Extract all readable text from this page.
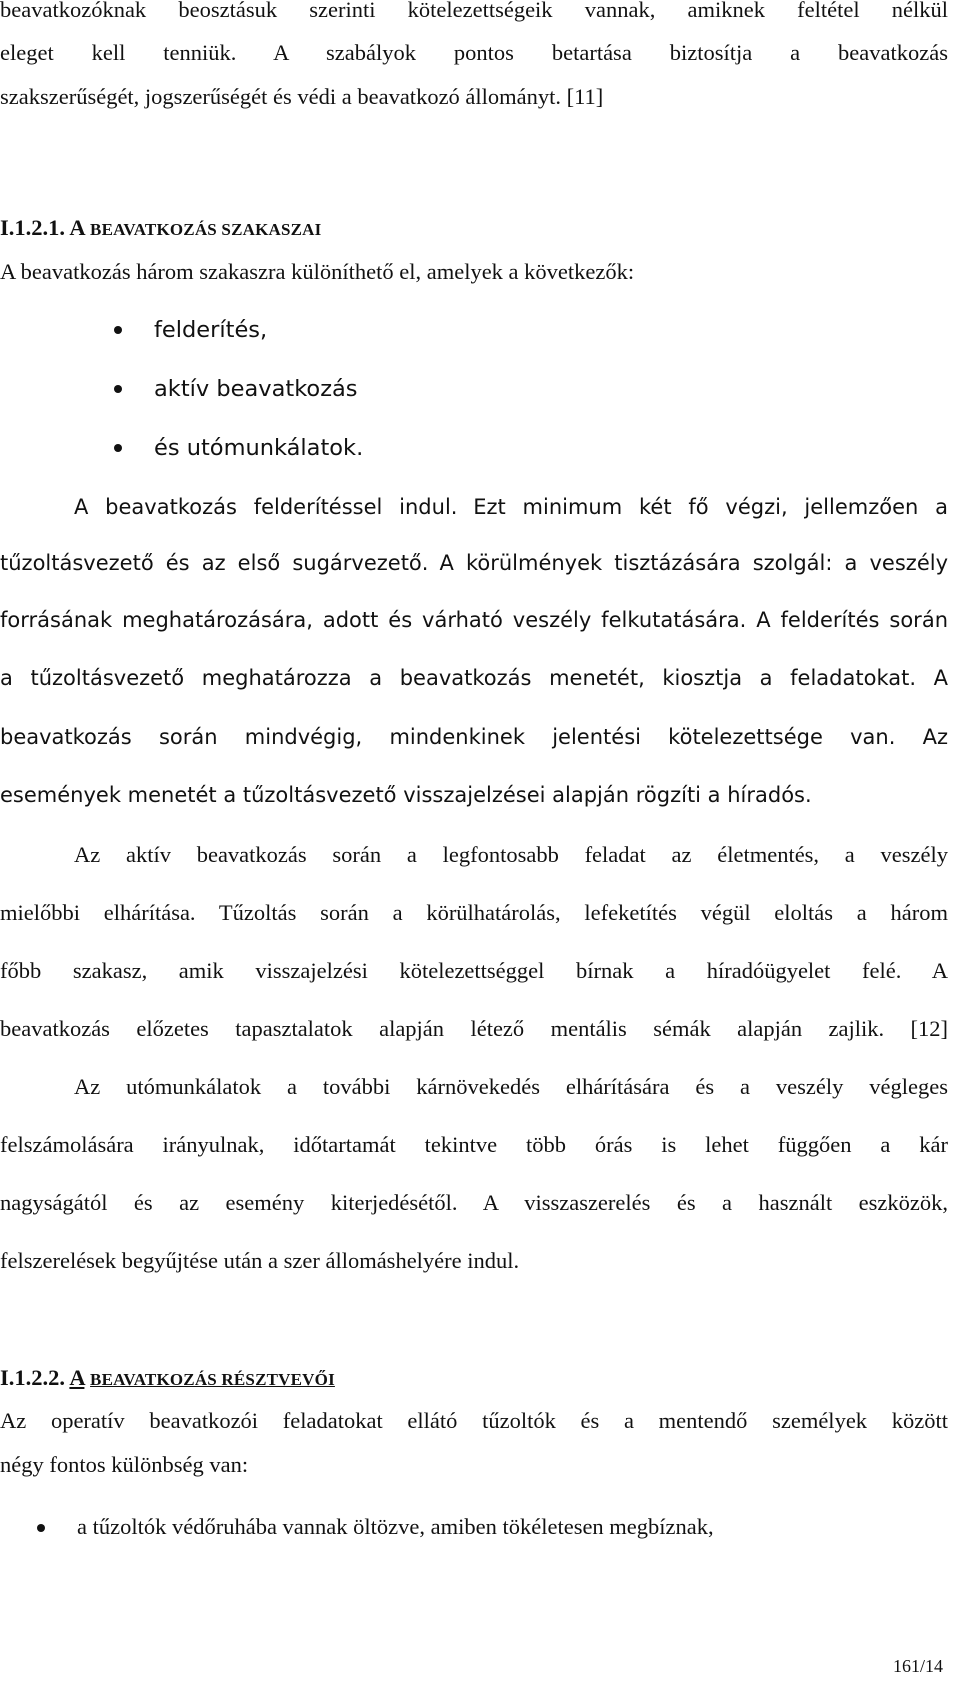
beavatkozóknak beosztásuk szerinti kötelezettségeik vannak, amiknek feltétel nélkül

eleget kell tenniük. A szabályok pontos betartása biztosítja a beavatkozás

szakszerűségét, jogszerűségét és védi a beavatkozó állományt. [11]

I.1.2.1. A BEAVATKOZÁS SZAKASZAI

A beavatkozás három szakaszra különíthető el, amelyek a következők:

felderítés,

aktív beavatkozás

és utómunkálatok.

A beavatkozás felderítéssel indul. Ezt minimum két fő végzi, jellemzően a

tűzoltásvezető és az első sugárvezető. A körülmények tisztázására szolgál: a veszély

forrásának meghatározására, adott és várható veszély felkutatására. A felderítés során

a tűzoltásvezető meghatározza a beavatkozás menetét, kiosztja a feladatokat. A

beavatkozás során mindvégig, mindenkinek jelentési kötelezettsége van. Az

események menetét a tűzoltásvezető visszajelzései alapján rögzíti a híradós.

Az aktív beavatkozás során a legfontosabb feladat az életmentés, a veszély

mielőbbi elhárítása. Tűzoltás során a körülhatárolás, lefeketítés végül eloltás a három

főbb szakasz, amik visszajelzési kötelezettséggel bírnak a híradóügyelet felé. A

beavatkozás előzetes tapasztalatok alapján létező mentális sémák alapján zajlik. [12]

Az utómunkálatok a további kárnövekedés elhárítására és a veszély végleges

felszámolására irányulnak, időtartamát tekintve több órás is lehet függően a kár

nagyságától és az esemény kiterjedésétől. A visszaszerelés és a használt eszközök,

felszerelések begyűjtése után a szer állomáshelyére indul.

I.1.2.2. A BEAVATKOZÁS RÉSZTVEVŐI

Az operatív beavatkozói feladatokat ellátó tűzoltók és a mentendő személyek között

négy fontos különbség van:

a tűzoltók védőruhába vannak öltözve, amiben tökéletesen megbíznak,

161/14
